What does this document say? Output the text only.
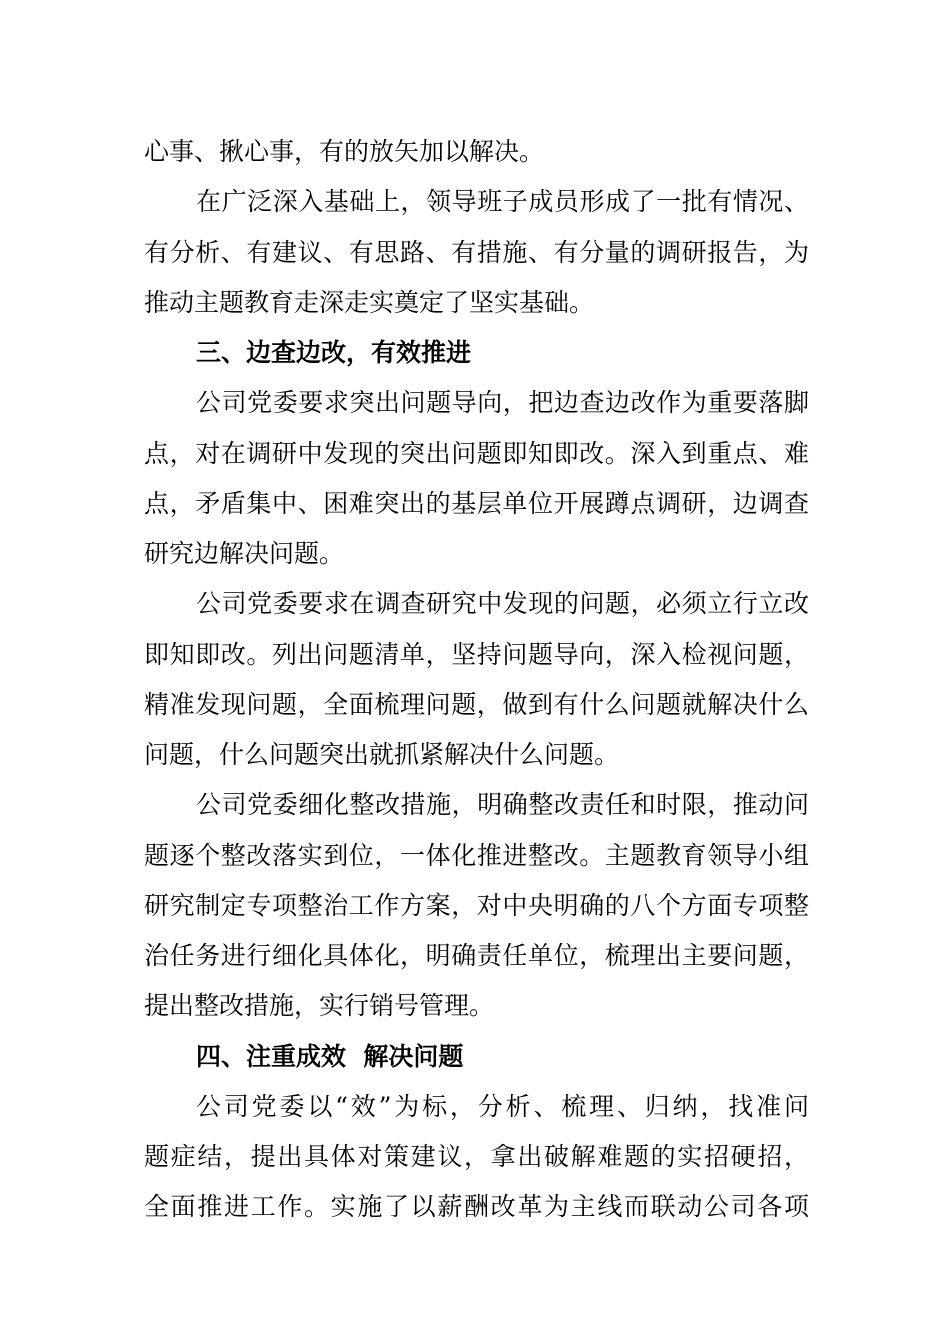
心事、揪心事，有的放矢加以解决。
在广泛深入基础上，领导班子成员形成了一批有情况、
有分析、有建议、有思路、有措施、有分量的调研报告，为
推动主题教育走深走实奠定了坚实基础。
三、边查边改，有效推进
公司党委要求突出问题导向，把边查边改作为重要落脚
点，对在调研中发现的突出问题即知即改。深入到重点、难
点，矛盾集中、困难突出的基层单位开展蹲点调研，边调查
研究边解决问题。
公司党委要求在调查研究中发现的问题，必须立行立改
即知即改。列出问题清单，坚持问题导向，深入检视问题，
精准发现问题，全面梳理问题，做到有什么问题就解决什么
问题，什么问题突出就抓紧解决什么问题。
公司党委细化整改措施，明确整改责任和时限，推动问
题逐个整改落实到位，一体化推进整改。主题教育领导小组
研究制定专项整治工作方案，对中央明确的八个方面专项整
治任务进行细化具体化，明确责任单位，梳理出主要问题，
提出整改措施，实行销号管理。
四、注重成效  解决问题
公司党委以“效”为标，分析、梳理、归纳，找准问
题症结，提出具体对策建议，拿出破解难题的实招硬招，
全面推进工作。实施了以薪酬改革为主线而联动公司各项
